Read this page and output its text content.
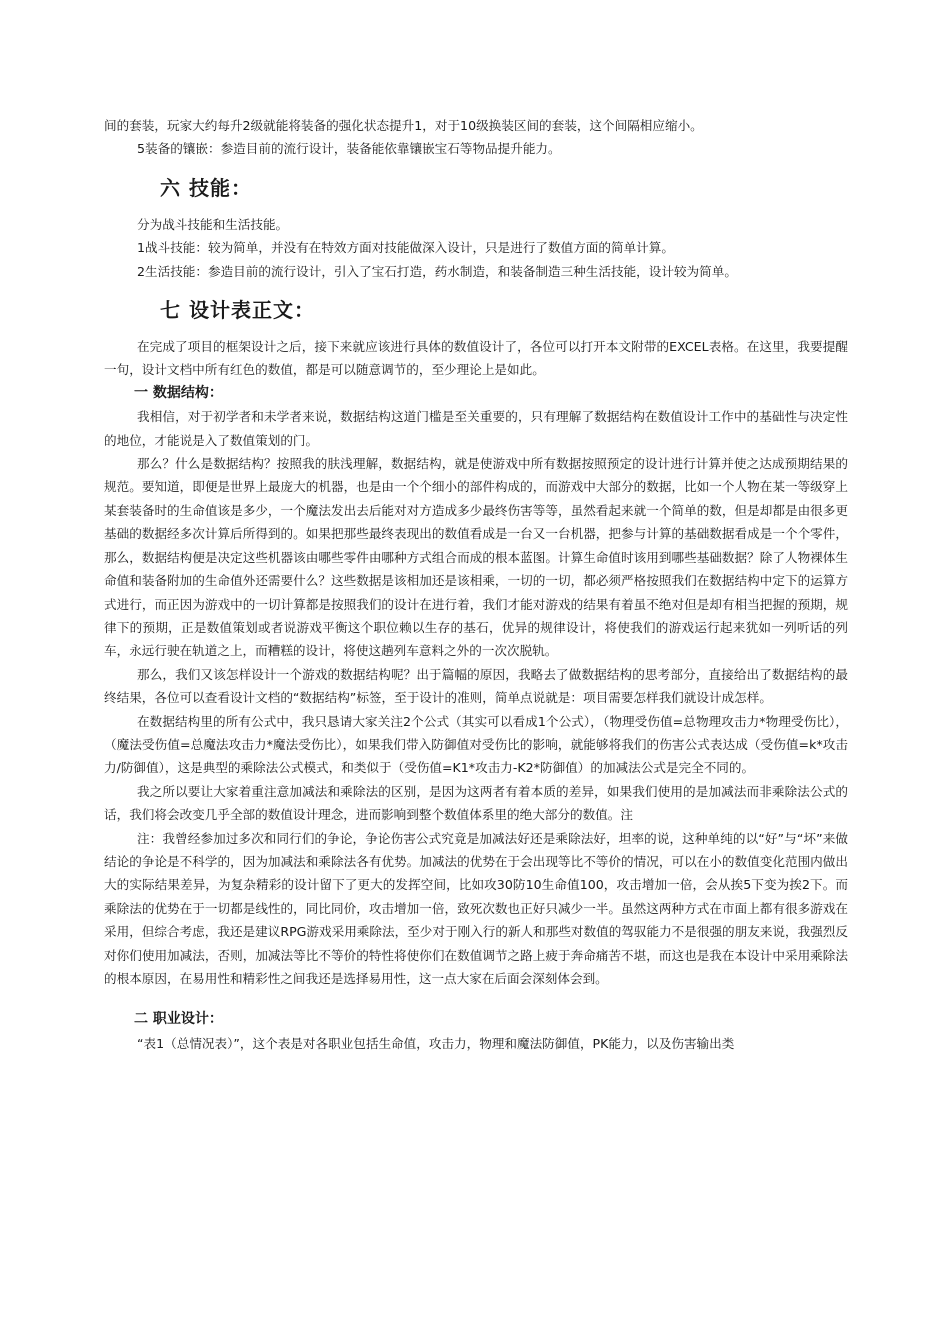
间的套装，玩家大约每升2级就能将装备的强化状态提升1，对于10级换装区间的套装，这个间隔相应缩小。

5装备的镶嵌：参造目前的流行设计，装备能依靠镶嵌宝石等物品提升能力。

六 技能：

分为战斗技能和生活技能。

1战斗技能：较为简单，并没有在特效方面对技能做深入设计，只是进行了数值方面的简单计算。

2生活技能：参造目前的流行设计，引入了宝石打造，药水制造，和装备制造三种生活技能，设计较为简单。

七 设计表正文：

在完成了项目的框架设计之后，接下来就应该进行具体的数值设计了，各位可以打开本文附带的EXCEL表格。在这里，我要提醒一句，设计文档中所有红色的数值，都是可以随意调节的，至少理论上是如此。

一 数据结构：

我相信，对于初学者和未学者来说，数据结构这道门槛是至关重要的，只有理解了数据结构在数值设计工作中的基础性与决定性的地位，才能说是入了数值策划的门。

那么？什么是数据结构？按照我的肤浅理解，数据结构，就是使游戏中所有数据按照预定的设计进行计算并使之达成预期结果的规范。要知道，即便是世界上最庞大的机器，也是由一个个细小的部件构成的，而游戏中大部分的数据，比如一个人物在某一等级穿上某套装备时的生命值该是多少，一个魔法发出去后能对对方造成多少最终伤害等等，虽然看起来就一个简单的数，但是却都是由很多更基础的数据经多次计算后所得到的。如果把那些最终表现出的数值看成是一台又一台机器，把参与计算的基础数据看成是一个个零件，那么，数据结构便是决定这些机器该由哪些零件由哪种方式组合而成的根本蓝图。计算生命值时该用到哪些基础数据？除了人物裸体生命值和装备附加的生命值外还需要什么？这些数据是该相加还是该相乘，一切的一切，都必须严格按照我们在数据结构中定下的运算方式进行，而正因为游戏中的一切计算都是按照我们的设计在进行着，我们才能对游戏的结果有着虽不绝对但是却有相当把握的预期，规律下的预期，正是数值策划或者说游戏平衡这个职位赖以生存的基石，优异的规律设计，将使我们的游戏运行起来犹如一列听话的列车，永远行驶在轨道之上，而糟糕的设计，将使这趟列车意料之外的一次次脱轨。

那么，我们又该怎样设计一个游戏的数据结构呢？出于篇幅的原因，我略去了做数据结构的思考部分，直接给出了数据结构的最终结果，各位可以查看设计文档的“数据结构”标签，至于设计的准则，简单点说就是：项目需要怎样我们就设计成怎样。

在数据结构里的所有公式中，我只恳请大家关注2个公式（其实可以看成1个公式），（物理受伤值=总物理攻击力*物理受伤比），（魔法受伤值=总魔法攻击力*魔法受伤比），如果我们带入防御值对受伤比的影响，就能够将我们的伤害公式表达成（受伤值=k*攻击力/防御值），这是典型的乘除法公式模式，和类似于（受伤值=K1*攻击力-K2*防御值）的加减法公式是完全不同的。

我之所以要让大家着重注意加减法和乘除法的区别，是因为这两者有着本质的差异，如果我们使用的是加减法而非乘除法公式的话，我们将会改变几乎全部的数值设计理念，进而影响到整个数值体系里的绝大部分的数值。注

注：我曾经参加过多次和同行们的争论，争论伤害公式究竟是加减法好还是乘除法好，坦率的说，这种单纯的以“好”与“坏”来做结论的争论是不科学的，因为加减法和乘除法各有优势。加减法的优势在于会出现等比不等价的情况，可以在小的数值变化范围内做出大的实际结果差异，为复杂精彩的设计留下了更大的发挥空间，比如攻30防10生命值100，攻击增加一倍，会从挨5下变为挨2下。而乘除法的优势在于一切都是线性的，同比同价，攻击增加一倍，致死次数也正好只减少一半。虽然这两种方式在市面上都有很多游戏在采用，但综合考虑，我还是建议RPG游戏采用乘除法，至少对于刚入行的新人和那些对数值的驾驭能力不是很强的朋友来说，我强烈反对你们使用加减法，否则，加减法等比不等价的特性将使你们在数值调节之路上疲于奔命痛苦不堪，而这也是我在本设计中采用乘除法的根本原因，在易用性和精彩性之间我还是选择易用性，这一点大家在后面会深刻体会到。

二 职业设计：

“表1（总情况表）”，这个表是对各职业包括生命值，攻击力，物理和魔法防御值，PK能力，以及伤害输出类
